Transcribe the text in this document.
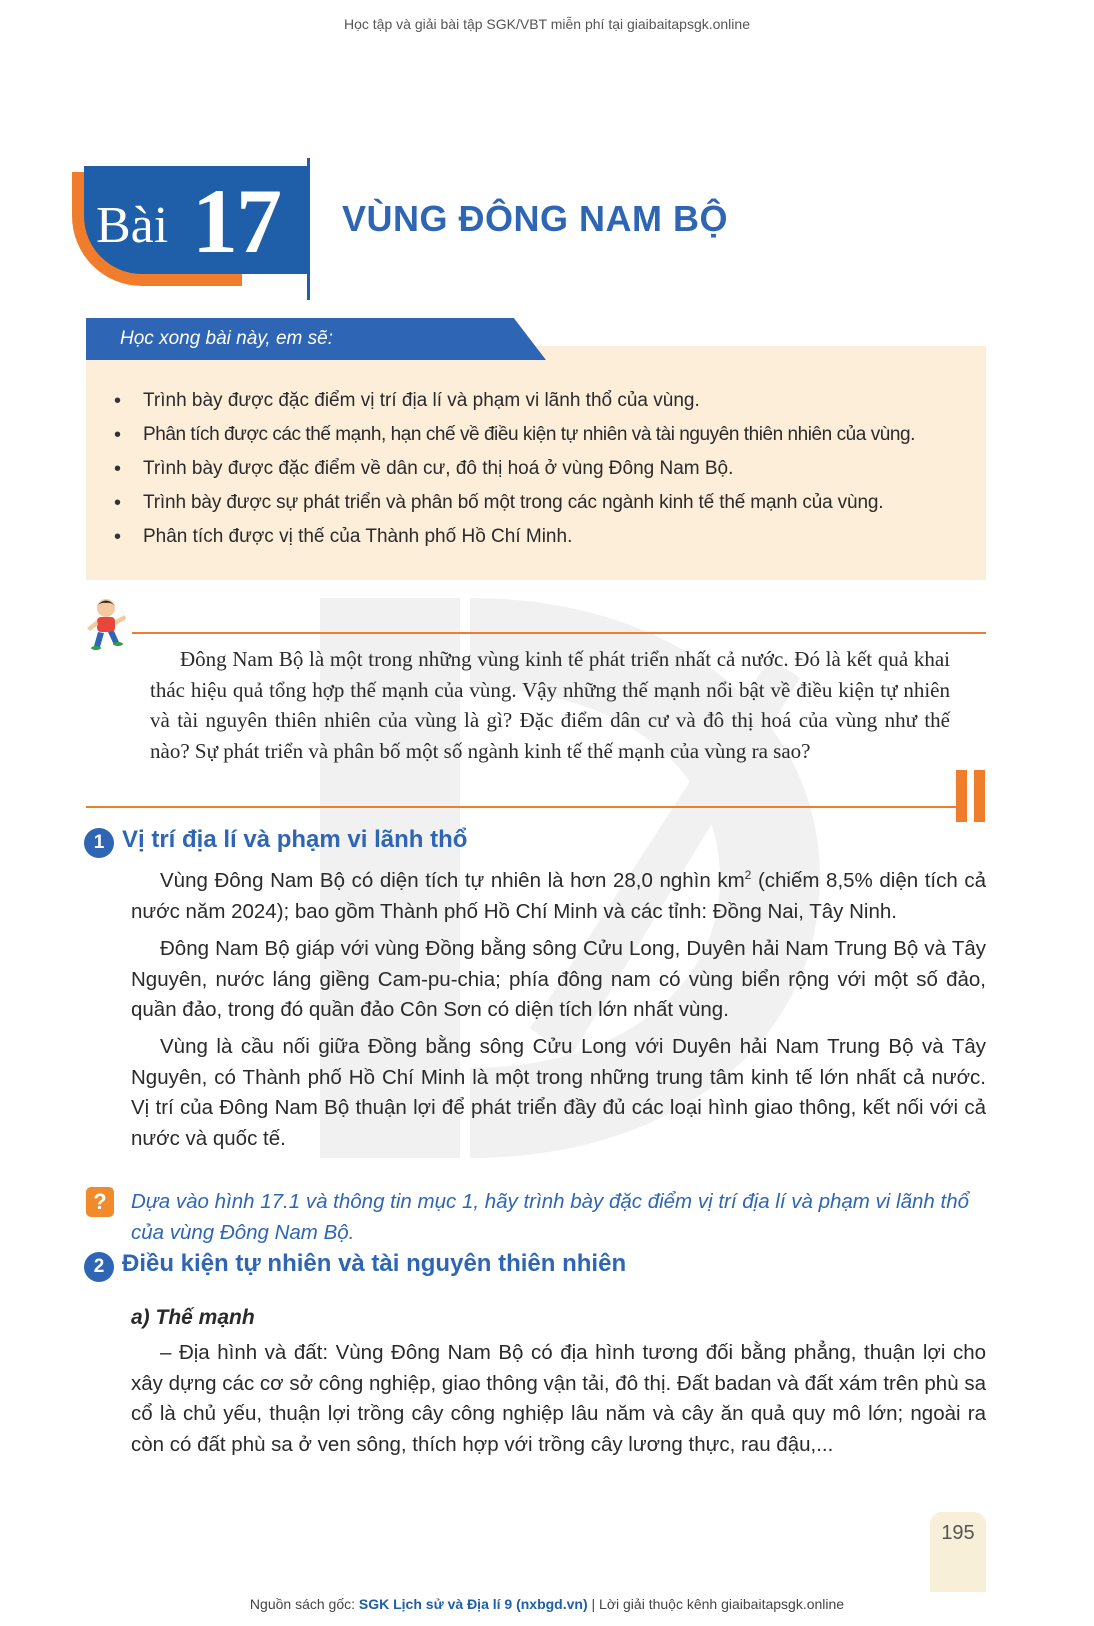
Học tập và giải bài tập SGK/VBT miễn phí tại giaibaitapsgk.online
Bài 17 VÙNG ĐÔNG NAM BỘ
Học xong bài này, em sẽ:
• Trình bày được đặc điểm vị trí địa lí và phạm vi lãnh thổ của vùng.
• Phân tích được các thế mạnh, hạn chế về điều kiện tự nhiên và tài nguyên thiên nhiên của vùng.
• Trình bày được đặc điểm về dân cư, đô thị hoá ở vùng Đông Nam Bộ.
• Trình bày được sự phát triển và phân bố một trong các ngành kinh tế thế mạnh của vùng.
• Phân tích được vị thế của Thành phố Hồ Chí Minh.
Đông Nam Bộ là một trong những vùng kinh tế phát triển nhất cả nước. Đó là kết quả khai thác hiệu quả tổng hợp thế mạnh của vùng. Vậy những thế mạnh nổi bật về điều kiện tự nhiên và tài nguyên thiên nhiên của vùng là gì? Đặc điểm dân cư và đô thị hoá của vùng như thế nào? Sự phát triển và phân bố một số ngành kinh tế thế mạnh của vùng ra sao?
1 Vị trí địa lí và phạm vi lãnh thổ
Vùng Đông Nam Bộ có diện tích tự nhiên là hơn 28,0 nghìn $km^2$ (chiếm 8,5% diện tích cả nước năm 2024); bao gồm Thành phố Hồ Chí Minh và các tỉnh: Đồng Nai, Tây Ninh.
Đông Nam Bộ giáp với vùng Đồng bằng sông Cửu Long, Duyên hải Nam Trung Bộ và Tây Nguyên, nước láng giềng Cam-pu-chia; phía đông nam có vùng biển rộng với một số đảo, quần đảo, trong đó quần đảo Côn Sơn có diện tích lớn nhất vùng.
Vùng là cầu nối giữa Đồng bằng sông Cửu Long với Duyên hải Nam Trung Bộ và Tây Nguyên, có Thành phố Hồ Chí Minh là một trong những trung tâm kinh tế lớn nhất cả nước. Vị trí của Đông Nam Bộ thuận lợi để phát triển đầy đủ các loại hình giao thông, kết nối với cả nước và quốc tế.
?	Dựa vào hình 17.1 và thông tin mục 1, hãy trình bày đặc điểm vị trí địa lí và phạm vi lãnh thổ của vùng Đông Nam Bộ.
2 Điều kiện tự nhiên và tài nguyên thiên nhiên
a) Thế mạnh
– Địa hình và đất: Vùng Đông Nam Bộ có địa hình tương đối bằng phẳng, thuận lợi cho xây dựng các cơ sở công nghiệp, giao thông vận tải, đô thị. Đất badan và đất xám trên phù sa cổ là chủ yếu, thuận lợi trồng cây công nghiệp lâu năm và cây ăn quả quy mô lớn; ngoài ra còn có đất phù sa ở ven sông, thích hợp với trồng cây lương thực, rau đậu,...
195
Nguồn sách gốc: SGK Lịch sử và Địa lí 9 (nxbgd.vn) | Lời giải thuộc kênh giaibaitapsgk.online
